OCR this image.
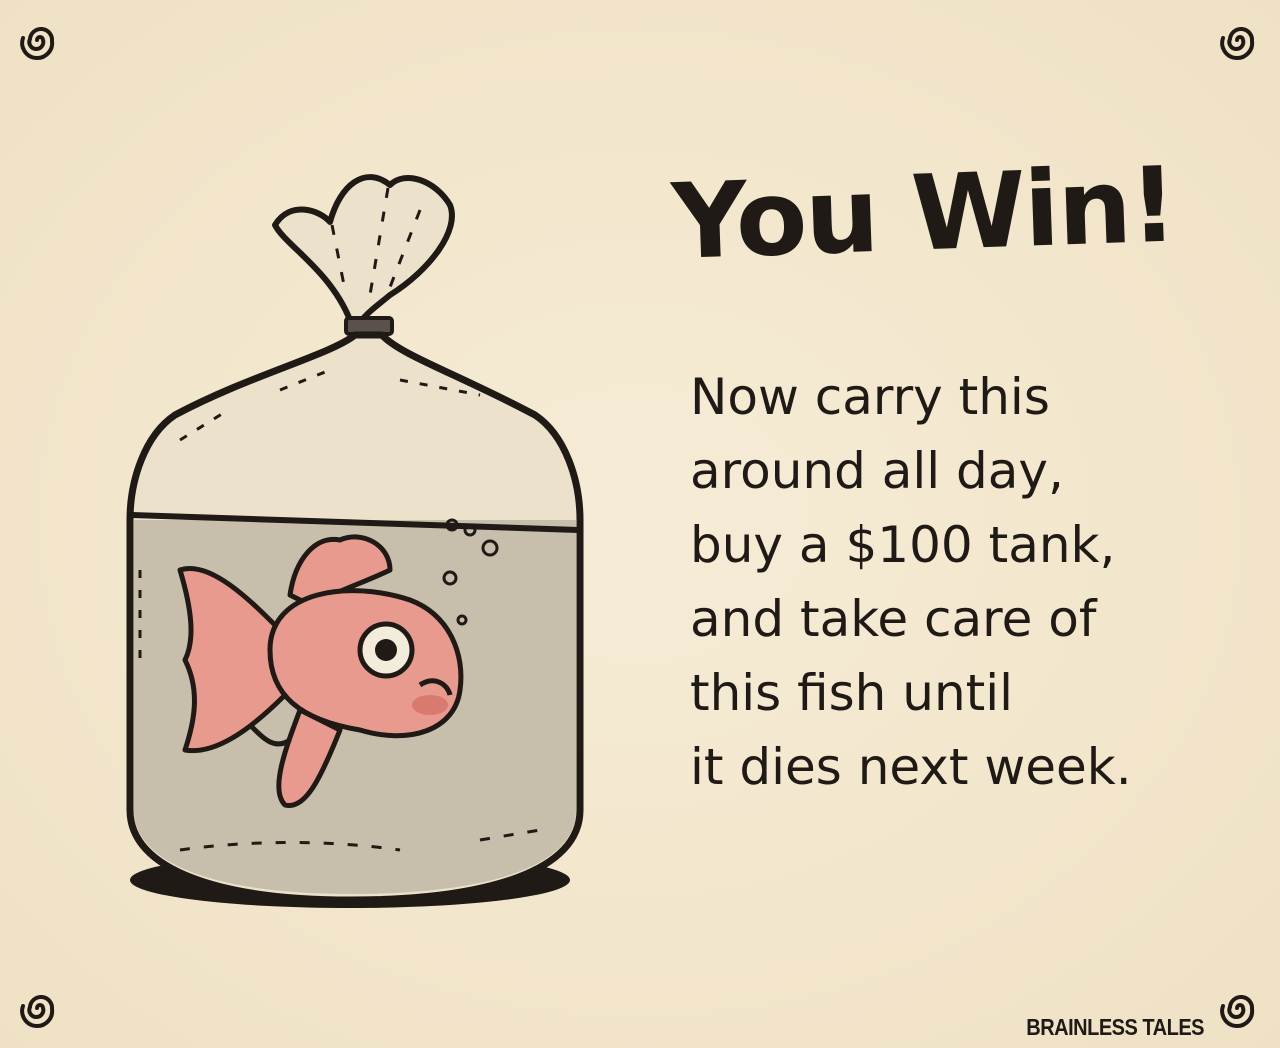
You Win!
Now carry this
around all day,
buy a $100 tank,
and take care of
this fish until
it dies next week.
BRAINLESS TALES
